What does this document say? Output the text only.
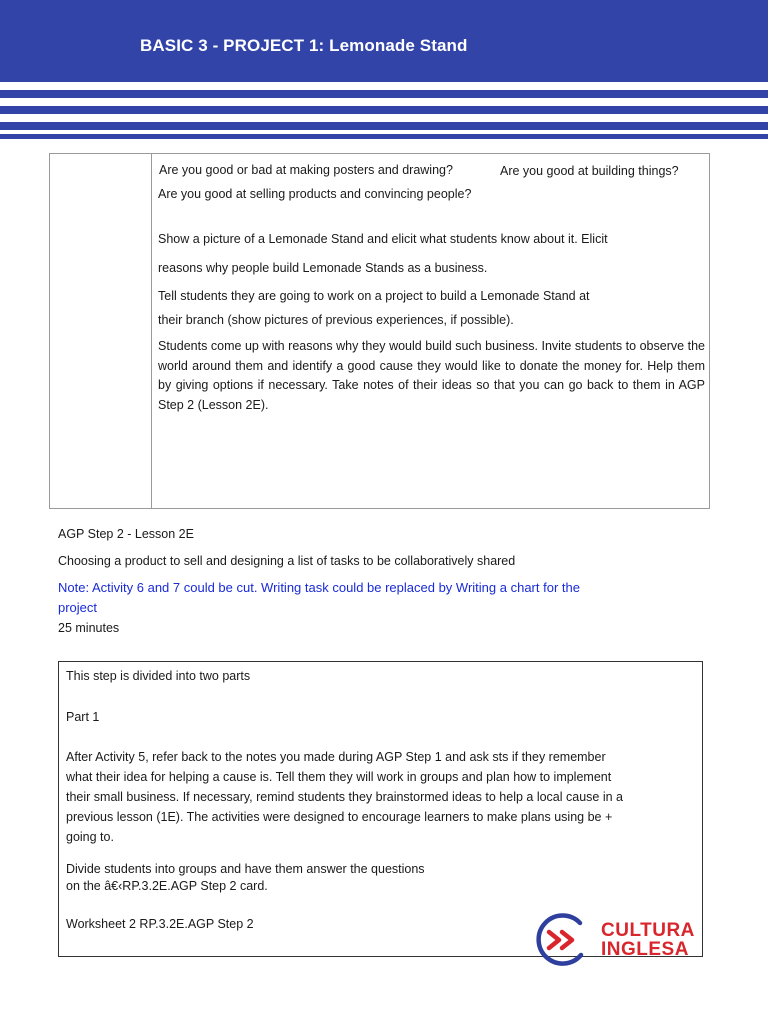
BASIC 3 - PROJECT 1: Lemonade Stand
Are you good or bad at making posters and drawing?	Are you good at building things?
Are you good at selling products and convincing people?
Show a picture of a Lemonade Stand and elicit what students know about it. Elicit
reasons why people build Lemonade Stands as a business.
Tell students they are going to work on a project to build a Lemonade Stand at
their branch (show pictures of previous experiences, if possible).
Students come up with reasons why they would build such business. Invite students to observe the world around them and identify a good cause they would like to donate the money for. Help them by giving options if necessary. Take notes of their ideas so that you can go back to them in AGP Step 2 (Lesson 2E).
AGP Step 2 - Lesson 2E
Choosing a product to sell and designing a list of tasks to be collaboratively shared
Note: Activity 6 and 7 could be cut. Writing task could be replaced by Writing a chart for the project
25 minutes
This step is divided into two parts
Part 1
After Activity 5, refer back to the notes you made during AGP Step 1 and ask sts if they remember what their idea for helping a cause is. Tell them they will work in groups and plan how to implement their small business. If necessary, remind students they brainstormed ideas to help a local cause in a previous lesson (1E). The activities were designed to encourage learners to make plans using be + going to.
Divide students into groups and have them answer the questions
on the â€‹RP.3.2E.AGP Step 2 card.
Worksheet 2 RP.3.2E.AGP Step 2	CULTURA
INGLESA
